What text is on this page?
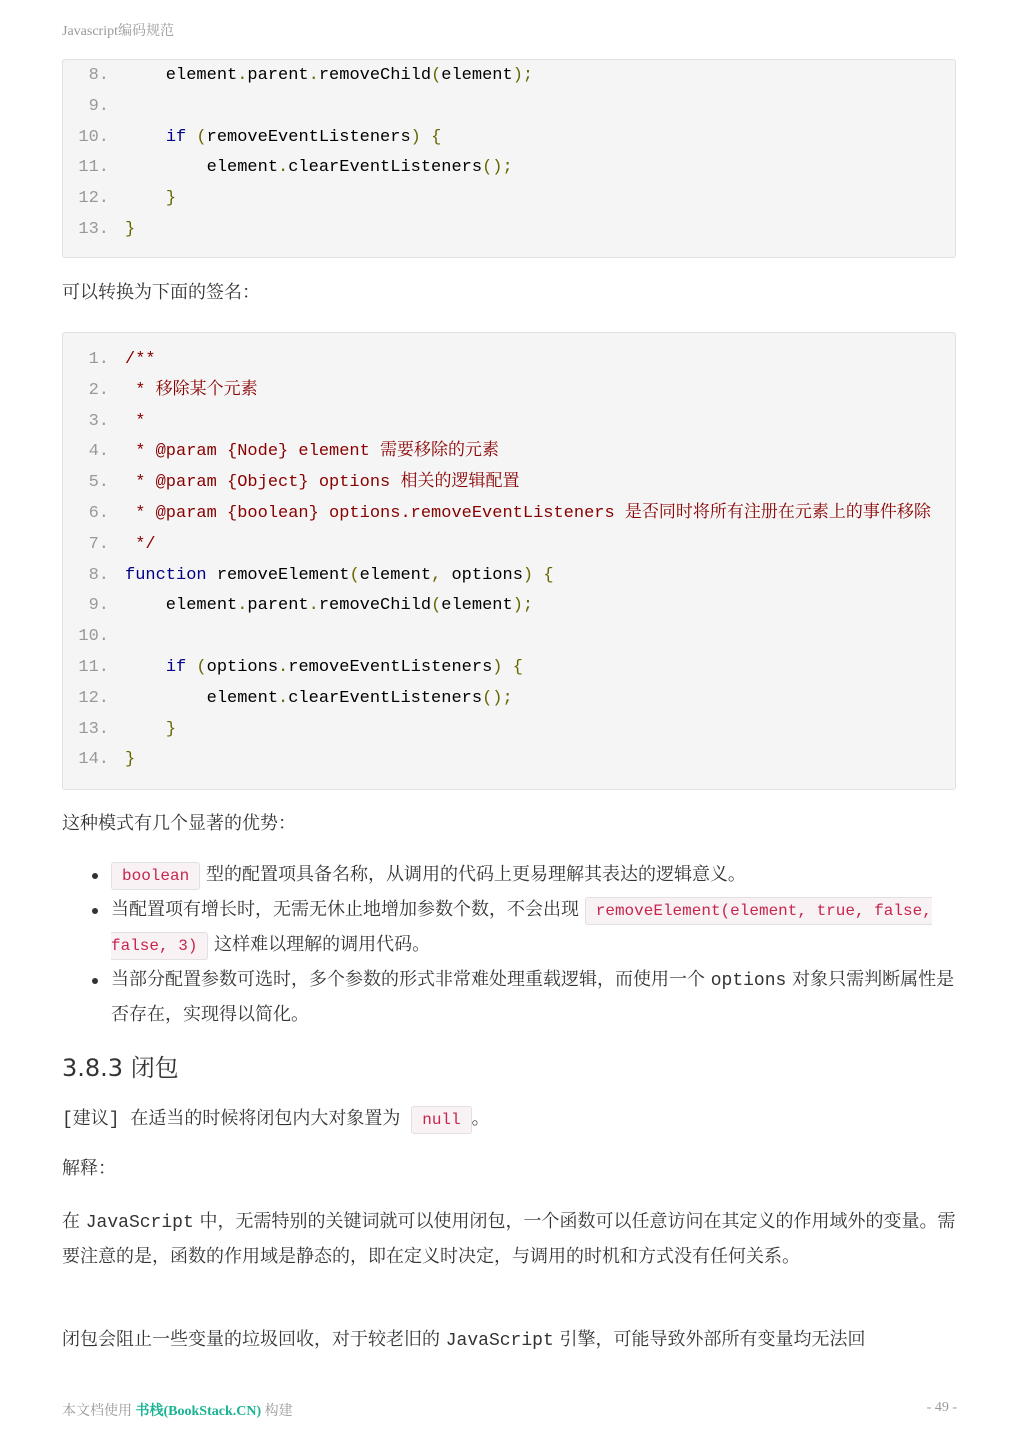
Javascript编码规范
8. element.parent.removeChild(element);
9.
10.	if (removeEventListeners) {
11. element.clearEventListeners();
12.	}
13. }
可以转换为下面的签名：
1. /**
2. * 移除某个元素
3. *
4. * @param {Node} element 需要移除的元素
5. * @param {Object} options 相关的逻辑配置
6. * @param {boolean} options.removeEventListeners 是否同时将所有注册在元素上的事件移除
7. */
8. function removeElement(element, options) {
9. element.parent.removeChild(element);
10.
11.	if (options.removeEventListeners) {
12. element.clearEventListeners();
13.	}
14. }
这种模式有几个显著的优势：
boolean 型的配置项具备名称，从调用的代码上更易理解其表达的逻辑意义。
当配置项有增长时，无需无休止地增加参数个数，不会出现 removeElement(element, true, false, false, 3) 这样难以理解的调用代码。
当部分配置参数可选时，多个参数的形式非常难处理重载逻辑，而使用一个 options 对象只需判断属性是否存在，实现得以简化。
3.8.3 闭包
[建议] 在适当的时候将闭包内大对象置为 null 。
解释：
在 JavaScript 中，无需特别的关键词就可以使用闭包，一个函数可以任意访问在其定义的作用域外的变量。需要注意的是，函数的作用域是静态的，即在定义时决定，与调用的时机和方式没有任何关系。
闭包会阻止一些变量的垃圾回收，对于较老旧的 JavaScript 引擎，可能导致外部所有变量均无法回
本文档使用 书栈(BookStack.CN) 构建	- 49 -
